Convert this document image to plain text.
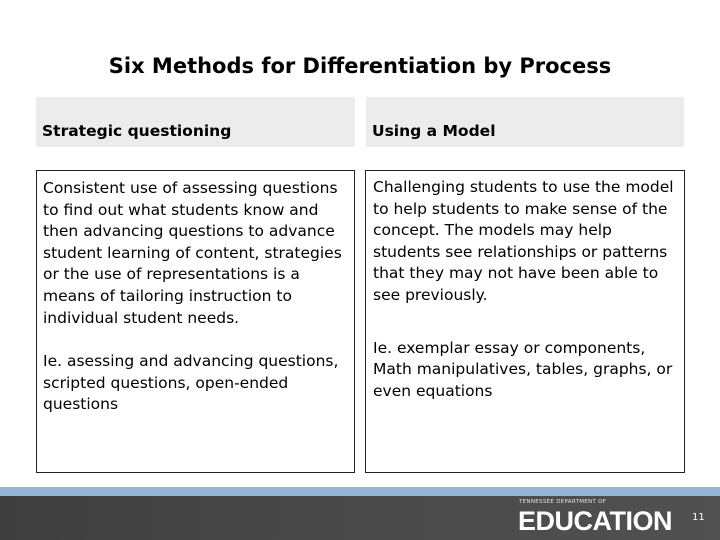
Six Methods for Differentiation by Process
Strategic questioning	Using a Model

Consistent use of assessing questions to find out what students know and then advancing questions to advance student learning of content, strategies or the use of representations is a means of tailoring instruction to individual student needs.

Ie. asessing and advancing questions, scripted questions, open-ended questions

Challenging students to use the model to help students to make sense of the concept. The models may help students see relationships or patterns that they may not have been able to see previously.

Ie. exemplar essay or components, Math manipulatives, tables, graphs, or even equations

TENNESSEE DEPARTMENT OF
EDUCATION 11
